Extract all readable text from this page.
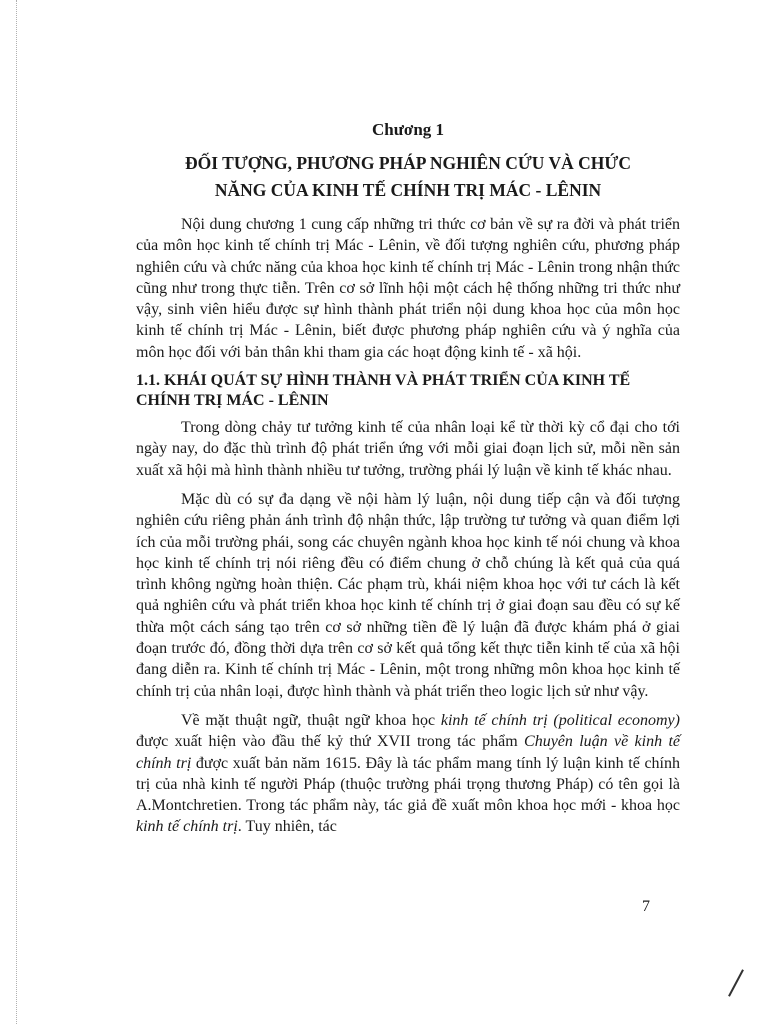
Chương 1
ĐỐI TƯỢNG, PHƯƠNG PHÁP NGHIÊN CỨU VÀ CHỨC
NĂNG CỦA KINH TẾ CHÍNH TRỊ MÁC - LÊNIN

Nội dung chương 1 cung cấp những tri thức cơ bản về sự ra đời và phát triển của môn học kinh tế chính trị Mác - Lênin, về đối tượng nghiên cứu, phương pháp nghiên cứu và chức năng của khoa học kinh tế chính trị Mác - Lênin trong nhận thức cũng như trong thực tiễn. Trên cơ sở lĩnh hội một cách hệ thống những tri thức như vậy, sinh viên hiểu được sự hình thành phát triển nội dung khoa học của môn học kinh tế chính trị Mác - Lênin, biết được phương pháp nghiên cứu và ý nghĩa của môn học đối với bản thân khi tham gia các hoạt động kinh tế - xã hội.

1.1. KHÁI QUÁT SỰ HÌNH THÀNH VÀ PHÁT TRIỂN CỦA KINH TẾ CHÍNH TRỊ MÁC - LÊNIN

Trong dòng chảy tư tưởng kinh tế của nhân loại kể từ thời kỳ cổ đại cho tới ngày nay, do đặc thù trình độ phát triển ứng với mỗi giai đoạn lịch sử, mỗi nền sản xuất xã hội mà hình thành nhiều tư tưởng, trường phái lý luận về kinh tế khác nhau.

Mặc dù có sự đa dạng về nội hàm lý luận, nội dung tiếp cận và đối tượng nghiên cứu riêng phản ánh trình độ nhận thức, lập trường tư tưởng và quan điểm lợi ích của mỗi trường phái, song các chuyên ngành khoa học kinh tế nói chung và khoa học kinh tế chính trị nói riêng đều có điểm chung ở chỗ chúng là kết quả của quá trình không ngừng hoàn thiện. Các phạm trù, khái niệm khoa học với tư cách là kết quả nghiên cứu và phát triển khoa học kinh tế chính trị ở giai đoạn sau đều có sự kế thừa một cách sáng tạo trên cơ sở những tiền đề lý luận đã được khám phá ở giai đoạn trước đó, đồng thời dựa trên cơ sở kết quả tổng kết thực tiễn kinh tế của xã hội đang diễn ra. Kinh tế chính trị Mác - Lênin, một trong những môn khoa học kinh tế chính trị của nhân loại, được hình thành và phát triển theo logic lịch sử như vậy.

Về mặt thuật ngữ, thuật ngữ khoa học kinh tế chính trị (political economy) được xuất hiện vào đầu thế kỷ thứ XVII trong tác phẩm Chuyên luận về kinh tế chính trị được xuất bản năm 1615. Đây là tác phẩm mang tính lý luận kinh tế chính trị của nhà kinh tế người Pháp (thuộc trường phái trọng thương Pháp) có tên gọi là A.Montchretien. Trong tác phẩm này, tác giả đề xuất môn khoa học mới - khoa học kinh tế chính trị. Tuy nhiên, tác

7
